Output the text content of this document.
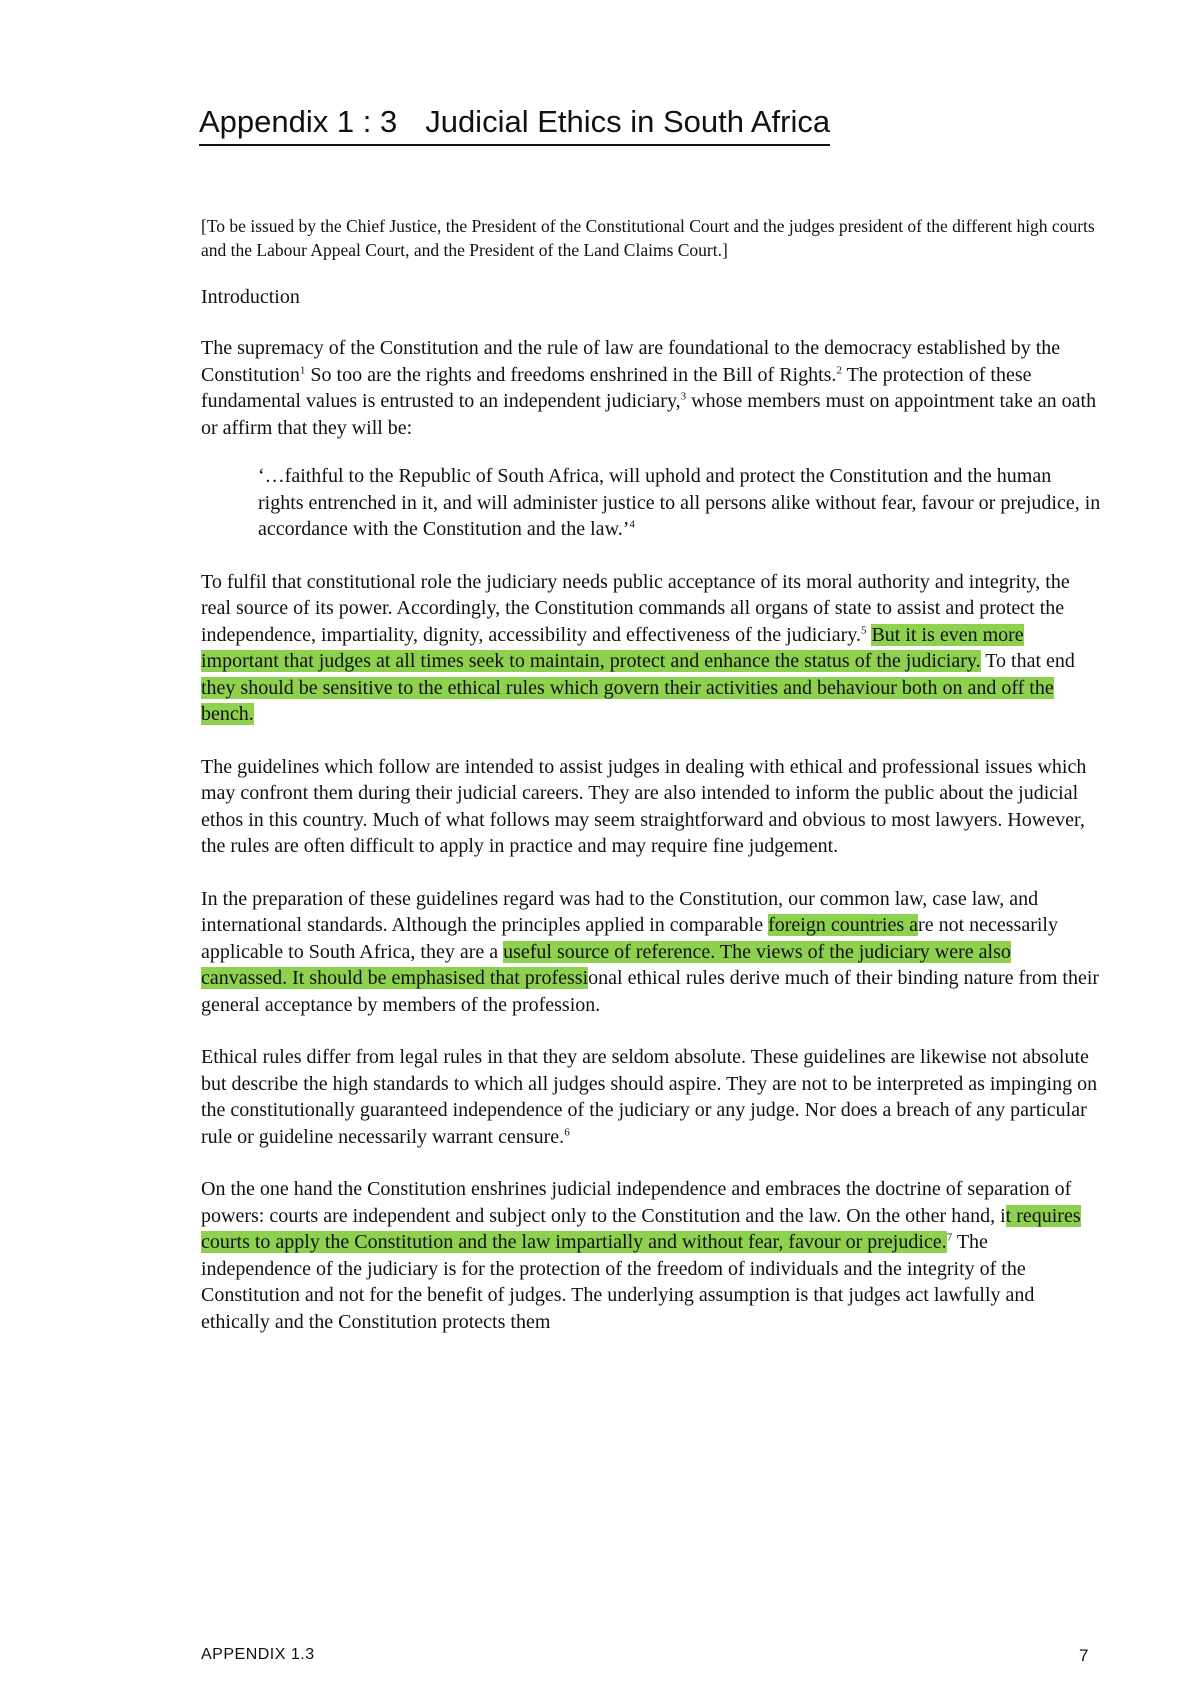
Appendix 1 : 3 Judicial Ethics in South Africa

[To be issued by the Chief Justice, the President of the Constitutional Court and the judges president of the different high courts and the Labour Appeal Court, and the President of the Land Claims Court.]

Introduction

The supremacy of the Constitution and the rule of law are foundational to the democracy established by the Constitution$^1$ So too are the rights and freedoms enshrined in the Bill of Rights.$^2$ The protection of these fundamental values is entrusted to an independent judiciary,$^3$ whose members must on appointment take an oath or affirm that they will be:

‘…faithful to the Republic of South Africa, will uphold and protect the Constitution and the human rights entrenched in it, and will administer justice to all persons alike without fear, favour or prejudice, in accordance with the Constitution and the law.’$^4$

To fulfil that constitutional role the judiciary needs public acceptance of its moral authority and integrity, the real source of its power. Accordingly, the Constitution commands all organs of state to assist and protect the independence, impartiality, dignity, accessibility and effectiveness of the judiciary.$^5$ But it is even more important that judges at all times seek to maintain, protect and enhance the status of the judiciary. To that end they should be sensitive to the ethical rules which govern their activities and behaviour both on and off the bench.

The guidelines which follow are intended to assist judges in dealing with ethical and professional issues which may confront them during their judicial careers. They are also intended to inform the public about the judicial ethos in this country. Much of what follows may seem straightforward and obvious to most lawyers. However, the rules are often difficult to apply in practice and may require fine judgement.

In the preparation of these guidelines regard was had to the Constitution, our common law, case law, and international standards. Although the principles applied in comparable foreign countries are not necessarily applicable to South Africa, they are a useful source of reference. The views of the judiciary were also canvassed. It should be emphasised that professional ethical rules derive much of their binding nature from their general acceptance by members of the profession.

Ethical rules differ from legal rules in that they are seldom absolute. These guidelines are likewise not absolute but describe the high standards to which all judges should aspire. They are not to be interpreted as impinging on the constitutionally guaranteed independence of the judiciary or any judge. Nor does a breach of any particular rule or guideline necessarily warrant censure.$^6$

On the one hand the Constitution enshrines judicial independence and embraces the doctrine of separation of powers: courts are independent and subject only to the Constitution and the law. On the other hand, it requires courts to apply the Constitution and the law impartially and without fear, favour or prejudice.$^7$ The independence of the judiciary is for the protection of the freedom of individuals and the integrity of the Constitution and not for the benefit of judges. The underlying assumption is that judges act lawfully and ethically and the Constitution protects them

APPENDIX 1.3	7
